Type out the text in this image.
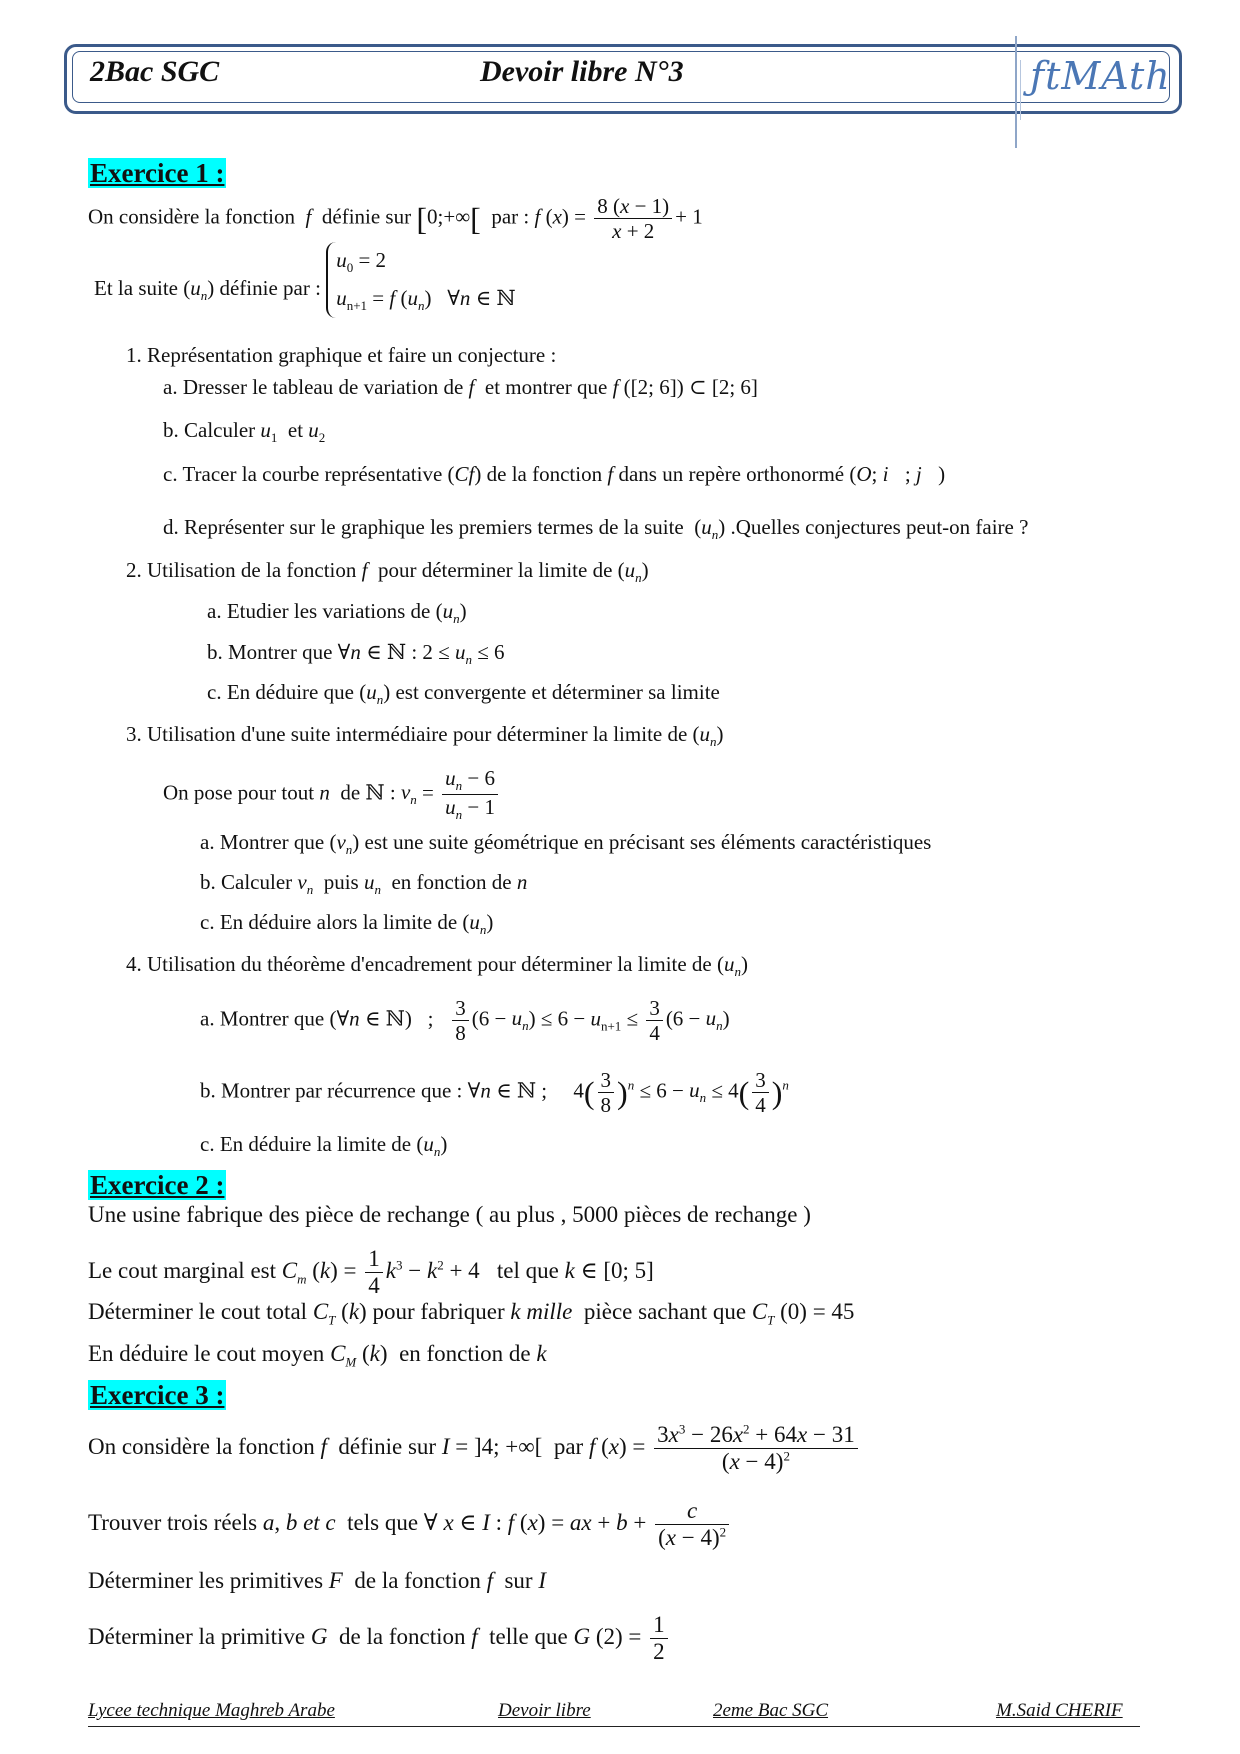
2Bac SGC	Devoir libre N°3	ƒtMAth
Exercice 1 :
On considère la fonction f définie sur [0;+∞[ par : f $(x) = \frac{8 (x - 1)}{x + 2} + 1$
Et la suite $(u_n)$ définie par : $u_0 = 2$
$u_{n+1} = f$ $(u_n)$   ∀n ∈ ℕ
1. Représentation graphique et faire un conjecture :
a. Dresser le tableau de variation de f et montrer que f ([2; 6]) ⊂ [2; 6]
b. Calculer $u_1$ et $u_2$
c. Tracer la courbe représentative (Cf) de la fonction f dans un repère orthonormé (O; i⃗; j⃗)
d. Représenter sur le graphique les premiers termes de la suite  $(u_n)$ .Quelles conjectures peut-on faire ?
2. Utilisation de la fonction f pour déterminer la limite de $(u_n)$
a. Etudier les variations de $(u_n)$
b. Montrer que ∀n ∈ ℕ : $2 \le u_n \le 6$
c. En déduire que $(u_n)$ est convergente et déterminer sa limite
3. Utilisation d'une suite intermédiaire pour déterminer la limite de $(u_n)$
On pose pour tout n de ℕ : $v_n = \frac{u_n - 6}{u_n - 1}$
a. Montrer que $(v_n)$ est une suite géométrique en précisant ses éléments caractéristiques
b. Calculer $v_n$ puis $u_n$ en fonction de n
c. En déduire alors la limite de $(u_n)$
4. Utilisation du théorème d'encadrement pour déterminer la limite de $(u_n)$
a. Montrer que (∀n ∈ ℕ)   ; $\frac{3}{8} (6 - u_n) \le 6 - u_{n+1} \le \frac{3}{4} (6 - u_n)$
b. Montrer par récurrence que : ∀n ∈ ℕ ;     $4( \frac{3}{8} )^n \le 6 - u_n \le 4( \frac{3}{4} )^n$
c. En déduire la limite de $(u_n)$
Exercice 2 :
Une usine fabrique des pièce de rechange ( au plus , 5000 pièces de rechange )
Le cout marginal est $C_m$ $(k) = \frac{1}{4} k^3 - k^2 + 4$   tel que k ∈ [0; 5]
Déterminer le cout total $C_T$ (k) pour fabriquer k mille pièce sachant que $C_T$ (0) = 45
En déduire le cout moyen $C_M$ (k)  en fonction de k
Exercice 3 :
On considère la fonction f définie sur I = ]4; +∞[  par f $(x) = \frac{3x^3 - 26x^2 + 64x - 31}{(x - 4)^2}$
Trouver trois réels a, b et c tels que ∀ x ∈ I : f (x) = ax + $b + \frac{c}{(x - 4)^2}$
Déterminer les primitives F de la fonction f sur I
Déterminer la primitive G de la fonction f telle que G $(2) = \frac{1}{2}$
Lycee technique Maghreb Arabe	Devoir libre	2eme Bac SGC	M.Said CHERIF
